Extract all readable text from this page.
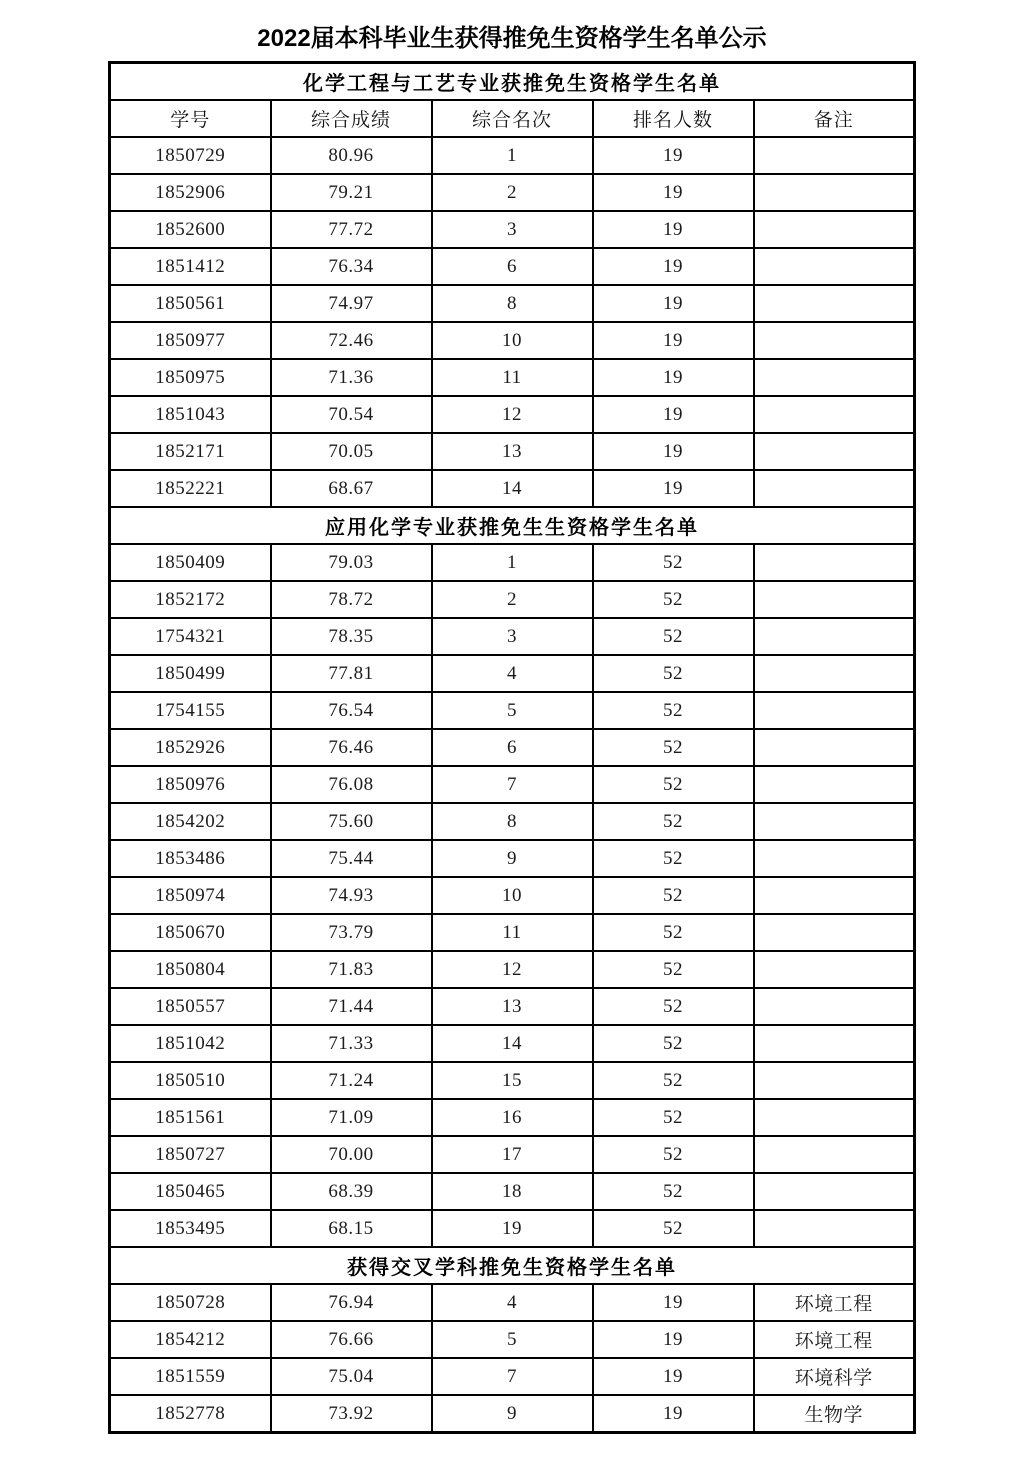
2022届本科毕业生获得推免生资格学生名单公示
化学工程与工艺专业获推免生资格学生名单				
学号	综合成绩	综合名次	排名人数	备注
1850729	80.96	1	19	
1852906	79.21	2	19	
1852600	77.72	3	19	
1851412	76.34	6	19	
1850561	74.97	8	19	
1850977	72.46	10	19	
1850975	71.36	11	19	
1851043	70.54	12	19	
1852171	70.05	13	19	
1852221	68.67	14	19	
应用化学专业获推免生生资格学生名单				
1850409	79.03	1	52	
1852172	78.72	2	52	
1754321	78.35	3	52	
1850499	77.81	4	52	
1754155	76.54	5	52	
1852926	76.46	6	52	
1850976	76.08	7	52	
1854202	75.60	8	52	
1853486	75.44	9	52	
1850974	74.93	10	52	
1850670	73.79	11	52	
1850804	71.83	12	52	
1850557	71.44	13	52	
1851042	71.33	14	52	
1850510	71.24	15	52	
1851561	71.09	16	52	
1850727	70.00	17	52	
1850465	68.39	18	52	
1853495	68.15	19	52	
获得交叉学科推免生资格学生名单				
1850728	76.94	4	19	环境工程
1854212	76.66	5	19	环境工程
1851559	75.04	7	19	环境科学
1852778	73.92	9	19	生物学
